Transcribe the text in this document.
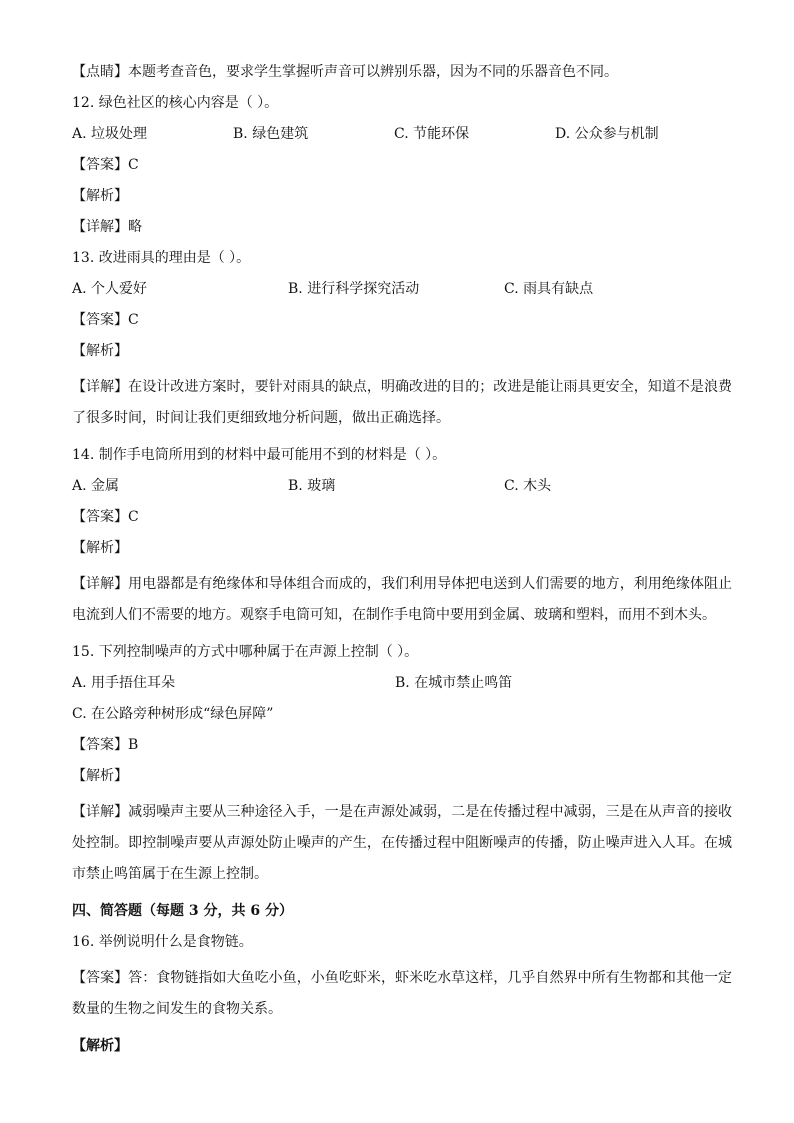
【点睛】本题考查音色，要求学生掌握听声音可以辨别乐器，因为不同的乐器音色不同。
12. 绿色社区的核心内容是（ ）。
A. 垃圾处理	B. 绿色建筑	C. 节能环保	D. 公众参与机制
【答案】C
【解析】
【详解】略
13. 改进雨具的理由是（ ）。
A. 个人爱好	B. 进行科学探究活动	C. 雨具有缺点
【答案】C
【解析】
【详解】在设计改进方案时，要针对雨具的缺点，明确改进的目的；改进是能让雨具更安全，知道不是浪费了很多时间，时间让我们更细致地分析问题，做出正确选择。
14. 制作手电筒所用到的材料中最可能用不到的材料是（ ）。
A. 金属	B. 玻璃	C. 木头
【答案】C
【解析】
【详解】用电器都是有绝缘体和导体组合而成的，我们利用导体把电送到人们需要的地方，利用绝缘体阻止电流到人们不需要的地方。观察手电筒可知，在制作手电筒中要用到金属、玻璃和塑料，而用不到木头。
15. 下列控制噪声的方式中哪种属于在声源上控制（ ）。
A. 用手捂住耳朵	B. 在城市禁止鸣笛
C. 在公路旁种树形成“绿色屏障”
【答案】B
【解析】
【详解】减弱噪声主要从三种途径入手，一是在声源处减弱，二是在传播过程中减弱，三是在从声音的接收处控制。即控制噪声要从声源处防止噪声的产生，在传播过程中阻断噪声的传播，防止噪声进入人耳。在城市禁止鸣笛属于在生源上控制。
四、简答题（每题 3 分，共 6 分）
16. 举例说明什么是食物链。
【答案】答：食物链指如大鱼吃小鱼，小鱼吃虾米，虾米吃水草这样，几乎自然界中所有生物都和其他一定数量的生物之间发生的食物关系。
【解析】
